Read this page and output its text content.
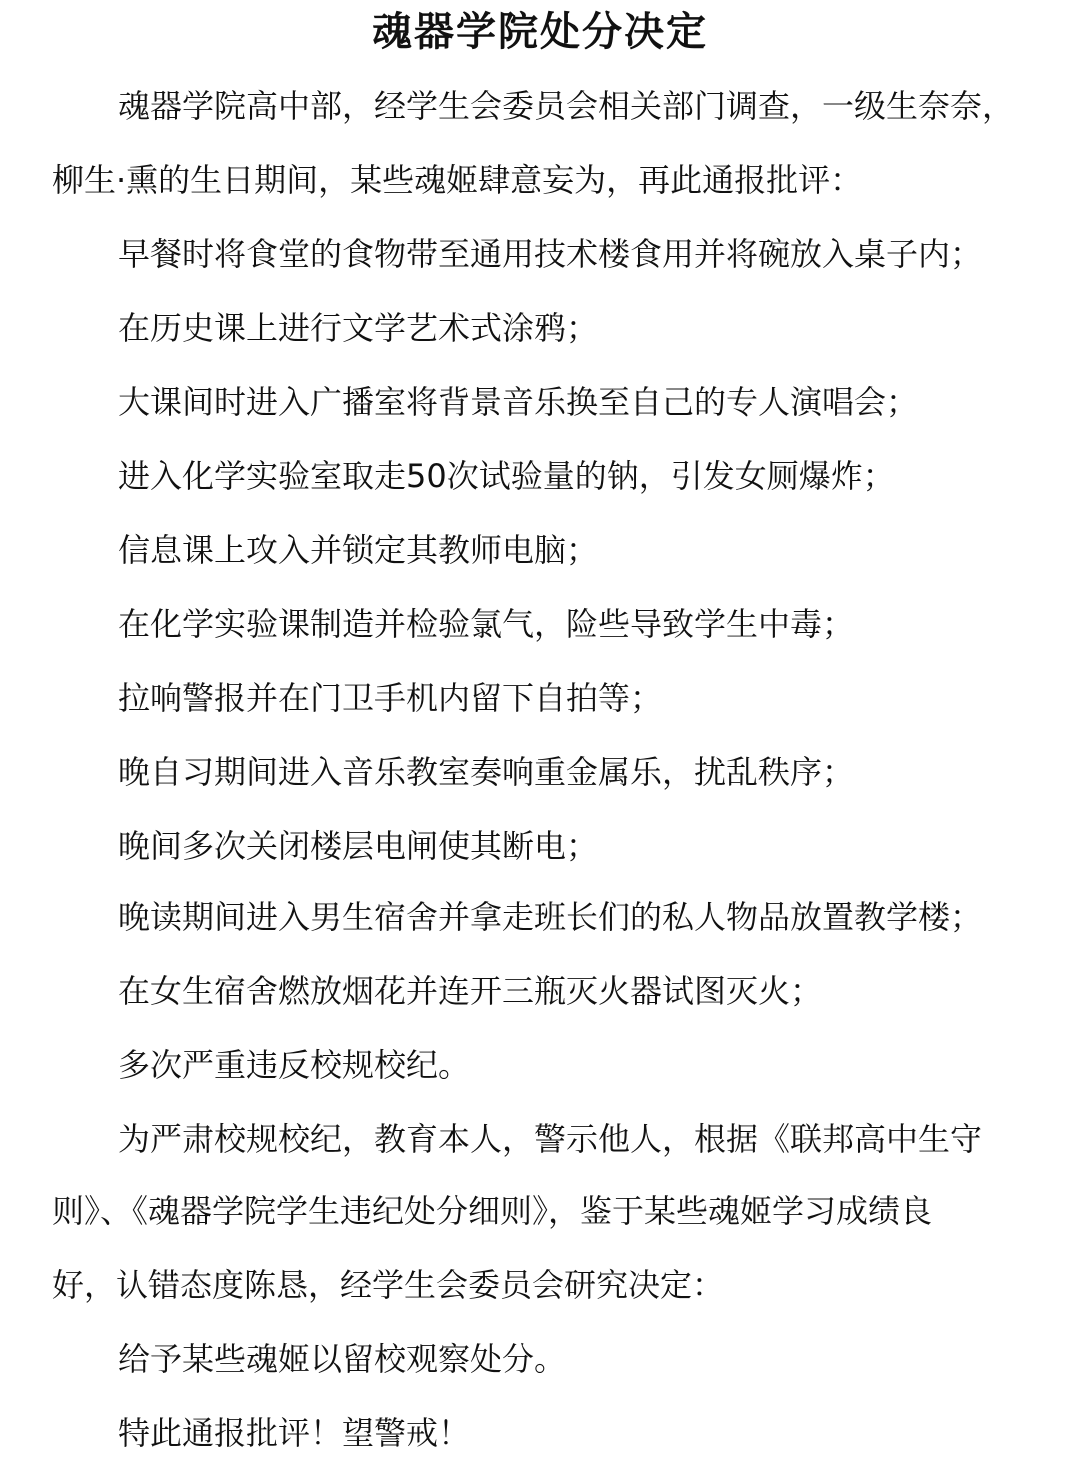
魂器学院处分决定
魂器学院高中部，经学生会委员会相关部门调查，一级生奈奈，
柳生·熏的生日期间，某些魂姬肆意妄为，再此通报批评：
早餐时将食堂的食物带至通用技术楼食用并将碗放入桌子内；
在历史课上进行文学艺术式涂鸦；
大课间时进入广播室将背景音乐换至自己的专人演唱会；
进入化学实验室取走50次试验量的钠，引发女厕爆炸；
信息课上攻入并锁定其教师电脑；
在化学实验课制造并检验氯气，险些导致学生中毒；
拉响警报并在门卫手机内留下自拍等；
晚自习期间进入音乐教室奏响重金属乐，扰乱秩序；
晚间多次关闭楼层电闸使其断电；
晚读期间进入男生宿舍并拿走班长们的私人物品放置教学楼；
在女生宿舍燃放烟花并连开三瓶灭火器试图灭火；
多次严重违反校规校纪。
为严肃校规校纪，教育本人，警示他人，根据《联邦高中生守
则》、《魂器学院学生违纪处分细则》，鉴于某些魂姬学习成绩良
好，认错态度陈恳，经学生会委员会研究决定：
给予某些魂姬以留校观察处分。
特此通报批评！望警戒！
